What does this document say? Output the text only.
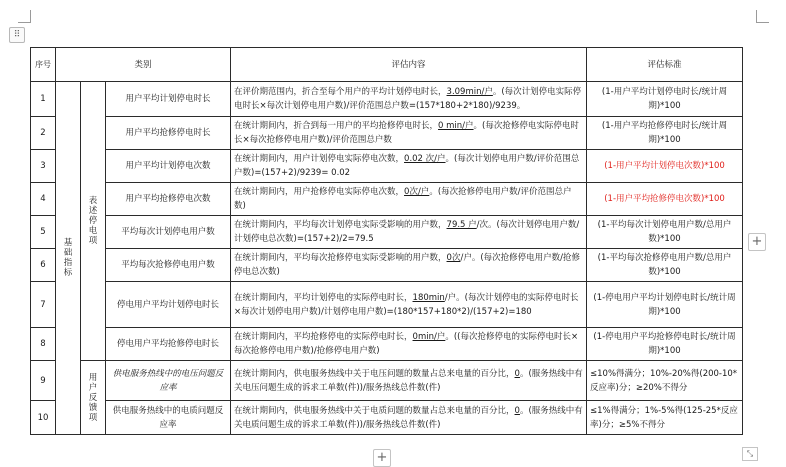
⠿
序号	类别			评估内容	评估标准
1	基础指标	表述停电项	用户平均计划停电时长	在评价期范围内，折合至每个用户的平均计划停电时长，3.09min/户。(每次计划停电实际停电时长×每次计划停电用户数)/评价范围总户数=(157*180+2*180)/9239。	(1-用户平均计划停电时长/统计周期)*100
2			用户平均抢修停电时长	在统计期间内，折合到每一用户的平均抢修停电时长，0 min/户。(每次抢修停电实际停电时长×每次抢修停电用户数)/评价范围总户数	(1-用户平均抢修停电时长/统计周期)*100
3			用户平均计划停电次数	在统计期间内，用户计划停电实际停电次数，0.02 次/户。(每次计划停电用户数/评价范围总户数)=(157+2)/9239= 0.02	(1-用户平均计划停电次数)*100
4			用户平均抢修停电次数	在统计期间内，用户抢修停电实际停电次数，0次/户。(每次抢修停电用户数/评价范围总户数)	(1-用户平均抢修停电次数)*100
5			平均每次计划停电用户数	在统计期间内，平均每次计划停电实际受影响的用户数，79.5 户/次。(每次计划停电用户数/计划停电总次数)=(157+2)/2=79.5	(1-平均每次计划停电用户数/总用户数)*100
6			平均每次抢修停电用户数	在统计期间内，平均每次抢修停电实际受影响的用户数，0次/户。(每次抢修停电用户数/抢修停电总次数)	(1-平均每次抢修停电用户数/总用户数)*100
7			停电用户平均计划停电时长	在统计期间内，平均计划停电的实际停电时长，180min/户。(每次计划停电的实际停电时长×每次计划停电用户数)/计划停电用户数)=(180*157+180*2)/(157+2)=180	(1-停电用户平均计划停电时长/统计周期)*100
8			停电用户平均抢修停电时长	在统计期间内，平均抢修停电的实际停电时长，0min/户。((每次抢修停电的实际停电时长×每次抢修停电用户数)/抢修停电用户数)	(1-停电用户平均抢修停电时长/统计周期)*100
9		用户反馈项	供电服务热线中的电压问题反应率	在统计期间内，供电服务热线中关于电压问题的数量占总来电量的百分比，0。(服务热线中有关电压问题生成的诉求工单数(件))/服务热线总件数(件)	≤10%得满分；10%-20%得(200-10*反应率)分；≥20%不得分
10			供电服务热线中的电质问题反应率	在统计期间内，供电服务热线中关于电质问题的数量占总来电量的百分比，0。(服务热线中有关电质问题生成的诉求工单数(件))/服务热线总件数(件)	≤1%得满分；1%-5%得(125-25*反应率)分；≥5%不得分
+
+	⤡
